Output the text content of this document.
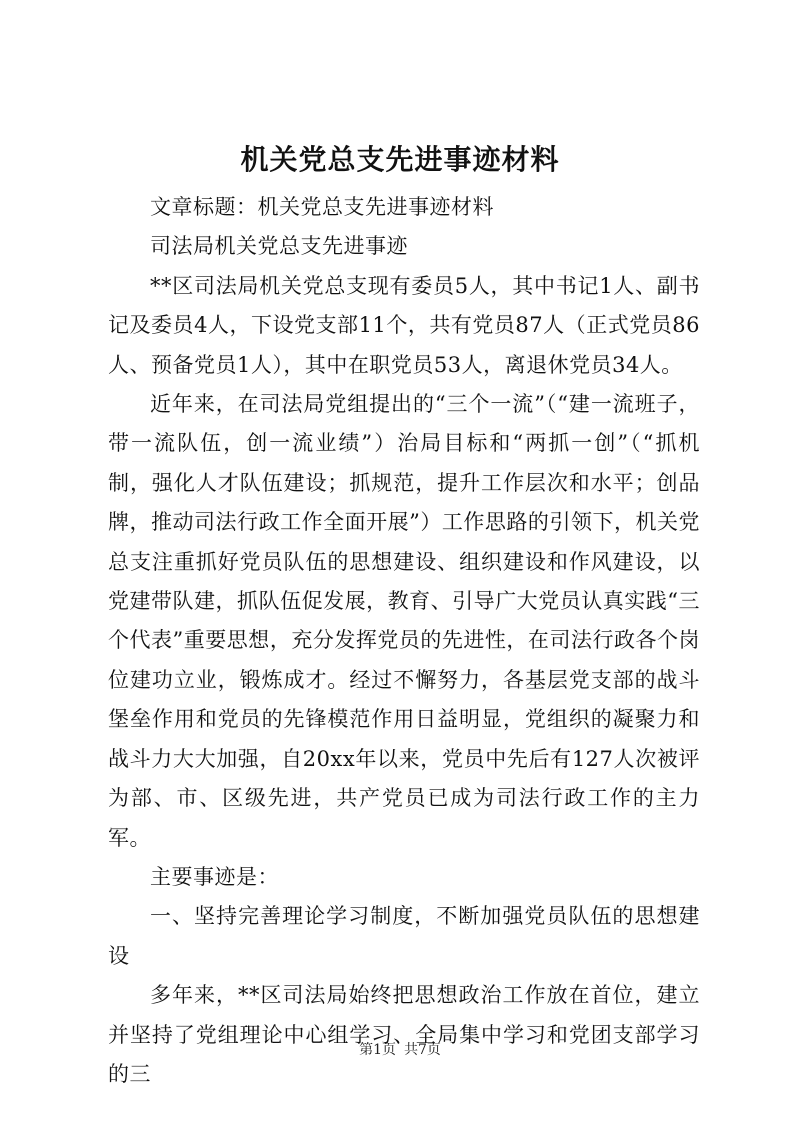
机关党总支先进事迹材料

文章标题：机关党总支先进事迹材料

司法局机关党总支先进事迹

**区司法局机关党总支现有委员5人，其中书记1人、副书记及委员4人，下设党支部11个，共有党员87人（正式党员86人、预备党员1人），其中在职党员53人，离退休党员34人。

近年来，在司法局党组提出的“三个一流”（“建一流班子，带一流队伍，创一流业绩”）治局目标和“两抓一创”（“抓机制，强化人才队伍建设；抓规范，提升工作层次和水平；创品牌，推动司法行政工作全面开展”）工作思路的引领下，机关党总支注重抓好党员队伍的思想建设、组织建设和作风建设，以党建带队建，抓队伍促发展，教育、引导广大党员认真实践“三个代表”重要思想，充分发挥党员的先进性，在司法行政各个岗位建功立业，锻炼成才。经过不懈努力，各基层党支部的战斗堡垒作用和党员的先锋模范作用日益明显，党组织的凝聚力和战斗力大大加强，自20xx年以来，党员中先后有127人次被评为部、市、区级先进，共产党员已成为司法行政工作的主力军。

主要事迹是：

一、坚持完善理论学习制度，不断加强党员队伍的思想建设

多年来，**区司法局始终把思想政治工作放在首位，建立并坚持了党组理论中心组学习、全局集中学习和党团支部学习的三

第1页 共7页
